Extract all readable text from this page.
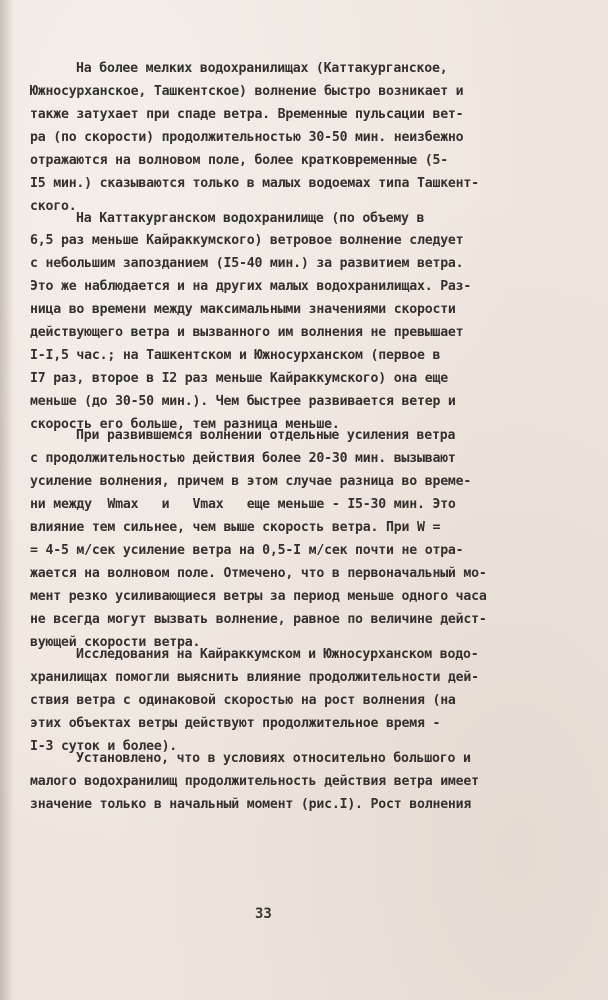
На более мелких водохранилищах (Каттакурганское,
Южносурханское, Ташкентское) волнение быстро возникает и
также затухает при спаде ветра. Временные пульсации вет-
ра (по скорости) продолжительностью 30-50 мин. неизбежно
отражаются на волновом поле, более кратковременные (5-
I5 мин.) сказываются только в малых водоемах типа Ташкент-
ского.
На Каттакурганском водохранилище (по объему в
6,5 раз меньше Кайраккумского) ветровое волнение следует
с небольшим запозданием (I5-40 мин.) за развитием ветра.
Это же наблюдается и на других малых водохранилищах. Раз-
ница во времени между максимальными значениями скорости
действующего ветра и вызванного им волнения не превышает
I-I,5 час.; на Ташкентском и Южносурханском (первое в
I7 раз, второе в I2 раз меньше Кайраккумского) она еще
меньше (до 30-50 мин.). Чем быстрее развивается ветер и
скорость его больше, тем разница меньше.
При развившемся волнении отдельные усиления ветра
с продолжительностью действия более 20-30 мин. вызывают
усиление волнения, причем в этом случае разница во време-
ни между  Wmax   и   Vmax   еще меньше - I5-30 мин. Это
влияние тем сильнее, чем выше скорость ветра. При W =
= 4-5 м/сек усиление ветра на 0,5-I м/сек почти не отра-
жается на волновом поле. Отмечено, что в первоначальный мо-
мент резко усиливающиеся ветры за период меньше одного часа
не всегда могут вызвать волнение, равное по величине дейст-
вующей скорости ветра.
Исследования на Кайраккумском и Южносурханском водо-
хранилищах помогли выяснить влияние продолжительности дей-
ствия ветра с одинаковой скоростью на рост волнения (на
этих объектах ветры действуют продолжительное время -
I-3 суток и более).
Установлено, что в условиях относительно большого и
малого водохранилищ продолжительность действия ветра имеет
значение только в начальный момент (рис.I). Рост волнения
33
